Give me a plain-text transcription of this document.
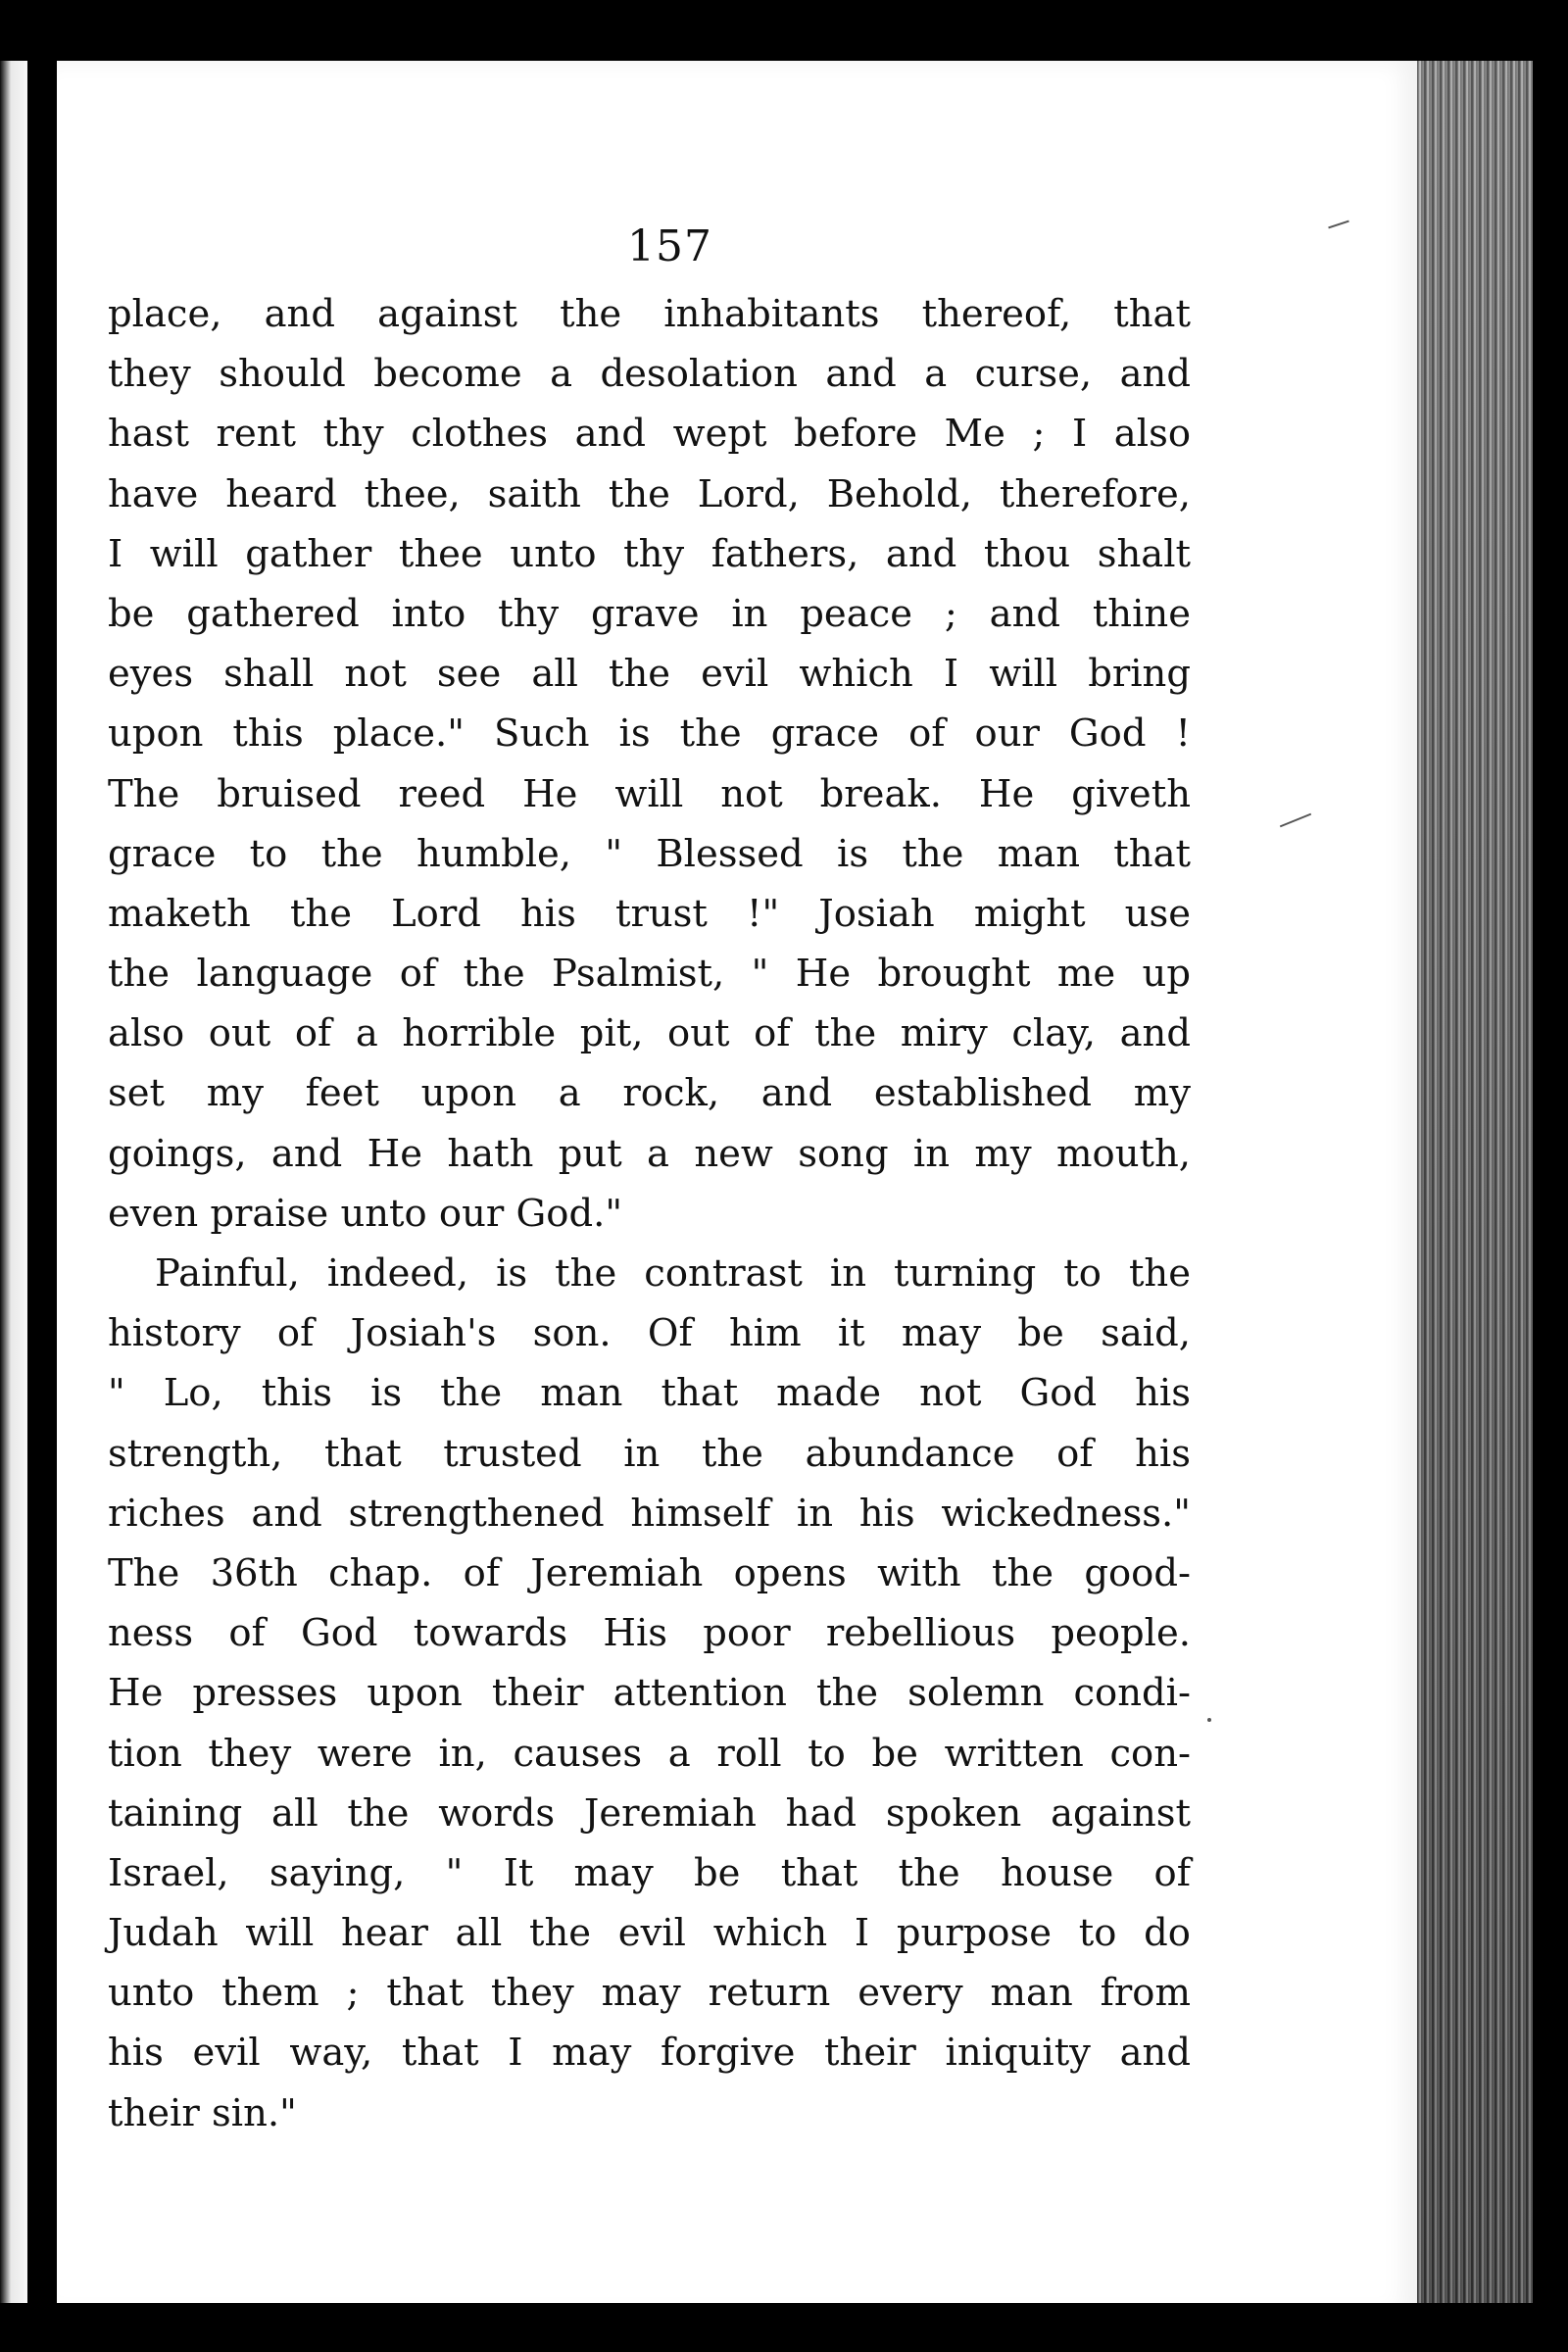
157
place, and against the inhabitants thereof, that
they should become a desolation and a curse, and
hast rent thy clothes and wept before Me ; I also
have heard thee, saith the Lord, Behold, therefore,
I will gather thee unto thy fathers, and thou shalt
be gathered into thy grave in peace ; and thine
eyes shall not see all the evil which I will bring
upon this place." Such is the grace of our God !
The bruised reed He will not break. He giveth
grace to the humble, " Blessed is the man that
maketh the Lord his trust !" Josiah might use
the language of the Psalmist, " He brought me up
also out of a horrible pit, out of the miry clay, and
set my feet upon a rock, and established my
goings, and He hath put a new song in my mouth,
even praise unto our God."
Painful, indeed, is the contrast in turning to the
history of Josiah's son. Of him it may be said,
" Lo, this is the man that made not God his
strength, that trusted in the abundance of his
riches and strengthened himself in his wickedness."
The 36th chap. of Jeremiah opens with the good-
ness of God towards His poor rebellious people.
He presses upon their attention the solemn condi-
tion they were in, causes a roll to be written con-
taining all the words Jeremiah had spoken against
Israel, saying, " It may be that the house of
Judah will hear all the evil which I purpose to do
unto them ; that they may return every man from
his evil way, that I may forgive their iniquity and
their sin."
